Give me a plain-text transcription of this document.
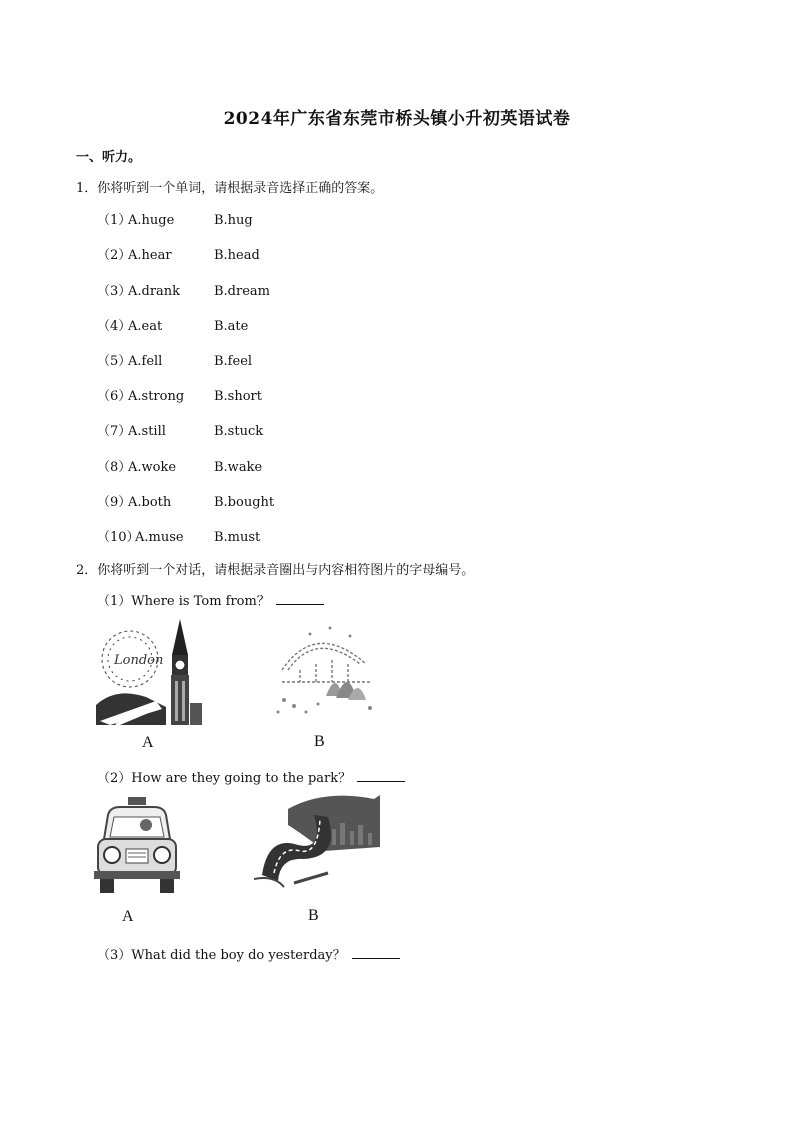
2024年广东省东莞市桥头镇小升初英语试卷
一、听力。
1．你将听到一个单词，请根据录音选择正确的答案。
（1）A.huge	B.hug
（2）A.hear	B.head
（3）A.drank	B.dream
（4）A.eat	B.ate
（5）A.fell	B.feel
（6）A.strong B.short
（7）A.still	B.stuck
（8）A.woke	B.wake
（9）A.both	B.bought
（10）A.muse B.must
2．你将听到一个对话，请根据录音圈出与内容相符图片的字母编号。
（1）Where is Tom from？
London
A	B
（2）How are they going to the park？
A	B
（3）What did the boy do yesterday？
